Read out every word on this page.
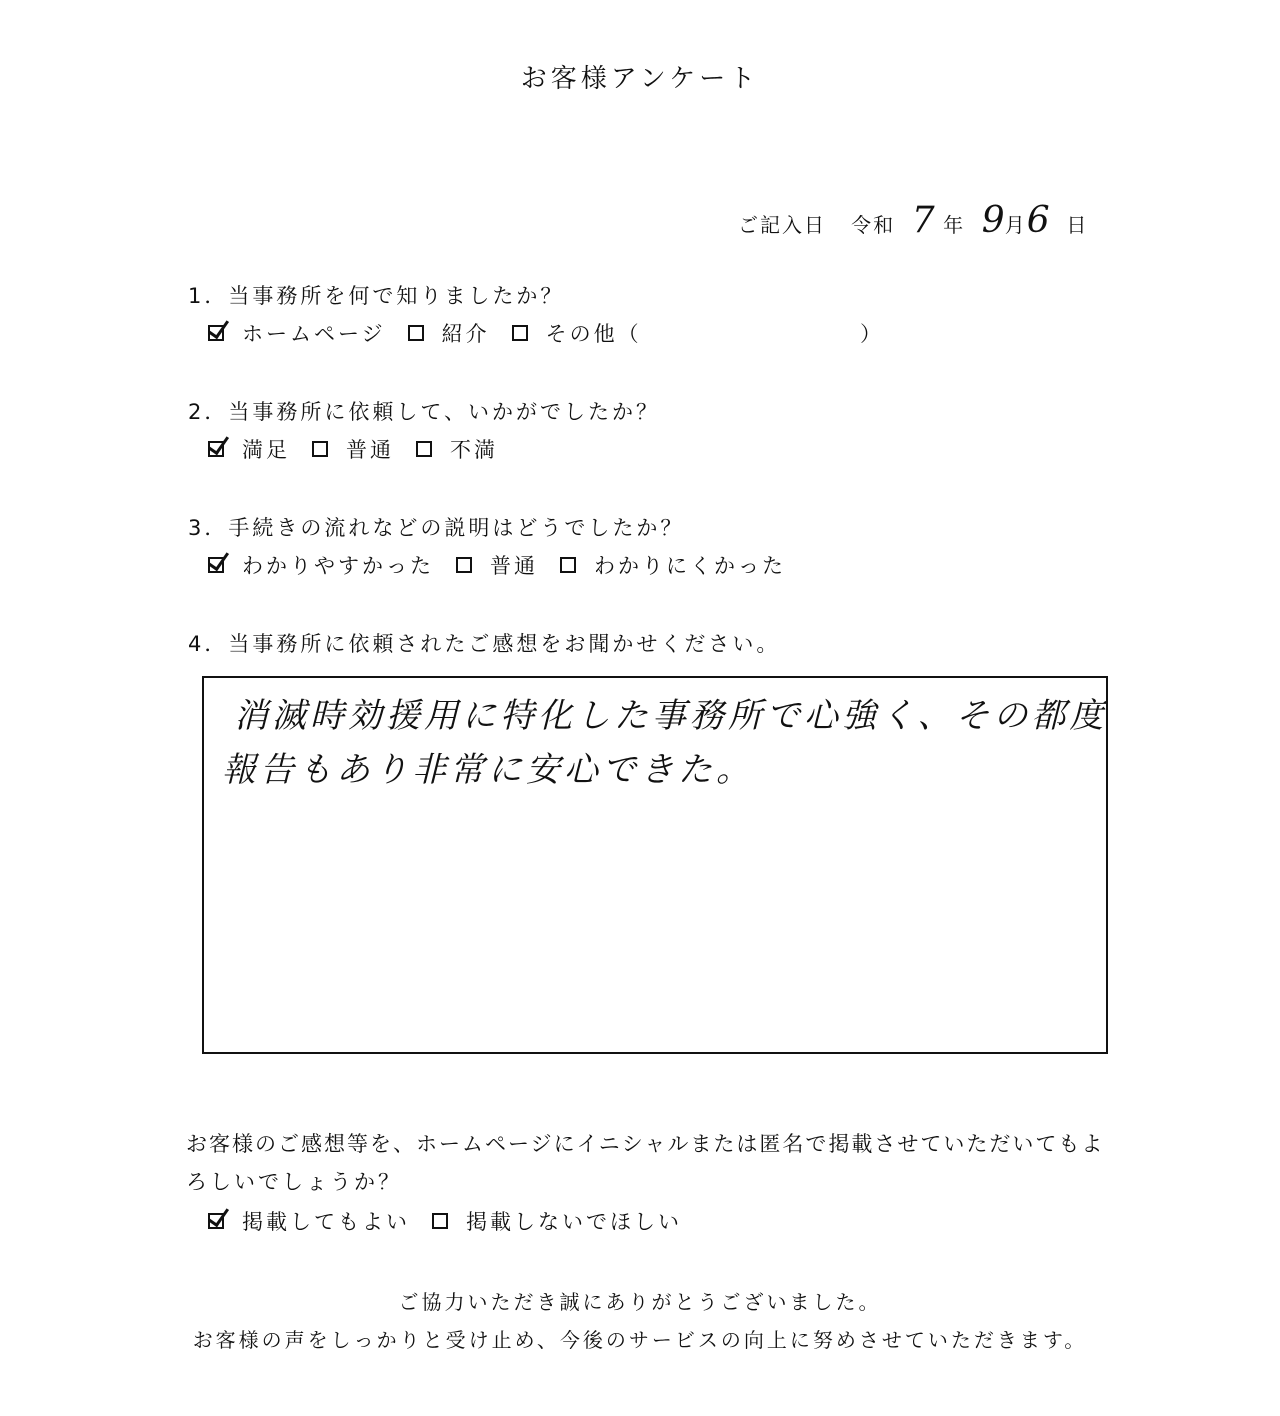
お客様アンケート
ご記入日 令和 7 年 9月6 日
1．当事務所を何で知りましたか？
ホームページ	紹介	その他（	）
2．当事務所に依頼して、いかがでしたか？
満足	普通	不満
3．手続きの流れなどの説明はどうでしたか？
わかりやすかった	普通	わかりにくかった
4．当事務所に依頼されたご感想をお聞かせください。
消滅時効援用に特化した事務所で心強く、その都度
報告もあり非常に安心できた。
お客様のご感想等を、ホームページにイニシャルまたは匿名で掲載させていただいてもよ
ろしいでしょうか？
掲載してもよい	掲載しないでほしい
ご協力いただき誠にありがとうございました。
お客様の声をしっかりと受け止め、今後のサービスの向上に努めさせていただきます。
